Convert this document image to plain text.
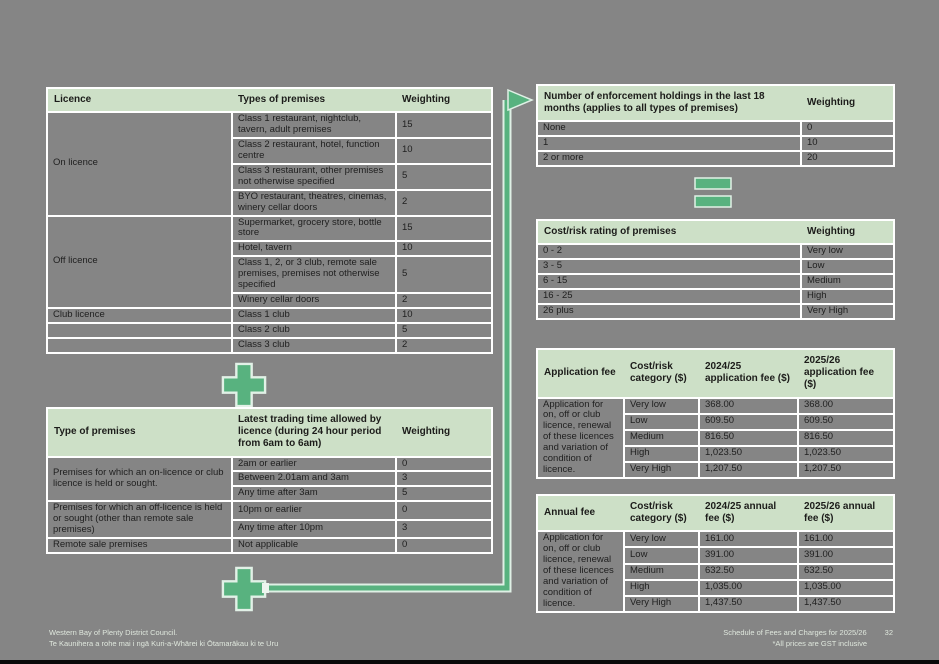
Licence	Types of premises	Weighting
On licence	Class 1 restaurant, nightclub, tavern, adult premises	15
	Class 2 restaurant, hotel, function centre	10
	Class 3 restaurant, other premises not otherwise specified	5
	BYO restaurant, theatres, cinemas, winery cellar doors	2
Off licence	Supermarket, grocery store, bottle store	15
	Hotel, tavern	10
	Class 1, 2, or 3 club, remote sale premises, premises not otherwise specified	5
	Winery cellar doors	2
Club licence	Class 1 club	10
	Class 2 club	5
	Class 3 club	2
Type of premises	Latest trading time allowed by licence (during 24 hour period from 6am to 6am)	Weighting
Premises for which an on-licence or club licence is held or sought.	2am or earlier	0
	Between 2.01am and 3am	3
	Any time after 3am	5
Premises for which an off-licence is held or sought (other than remote sale premises)	10pm or earlier	0
	Any time after 10pm	3
Remote sale premises	Not applicable	0
Number of enforcement holdings in the last 18 months (applies to all types of premises)	Weighting
None	0
1	10
2 or more	20
Cost/risk rating of premises	Weighting
0 - 2	Very low
3 - 5	Low
6 - 15	Medium
16 - 25	High
26 plus	Very High
Application fee	Cost/risk category ($)	2024/25 application fee ($)	2025/26 application fee ($)
Application for on, off or club licence, renewal of these licences and variation of condition of licence.	Very low	368.00	368.00
	Low	609.50	609.50
	Medium	816.50	816.50
	High	1,023.50	1,023.50
	Very High	1,207.50	1,207.50
Annual fee	Cost/risk category ($)	2024/25 annual fee ($)	2025/26 annual fee ($)
Application for on, off or club licence, renewal of these licences and variation of condition of licence.	Very low	161.00	161.00
	Low	391.00	391.00
	Medium	632.50	632.50
	High	1,035.00	1,035.00
	Very High	1,437.50	1,437.50
Western Bay of Plenty District Council.
Te Kaunihera a rohe mai i ngā Kuri-a-Whārei ki Ōtamarākau ki te Uru
Schedule of Fees and Charges for 2025/26 32
*All prices are GST inclusive
